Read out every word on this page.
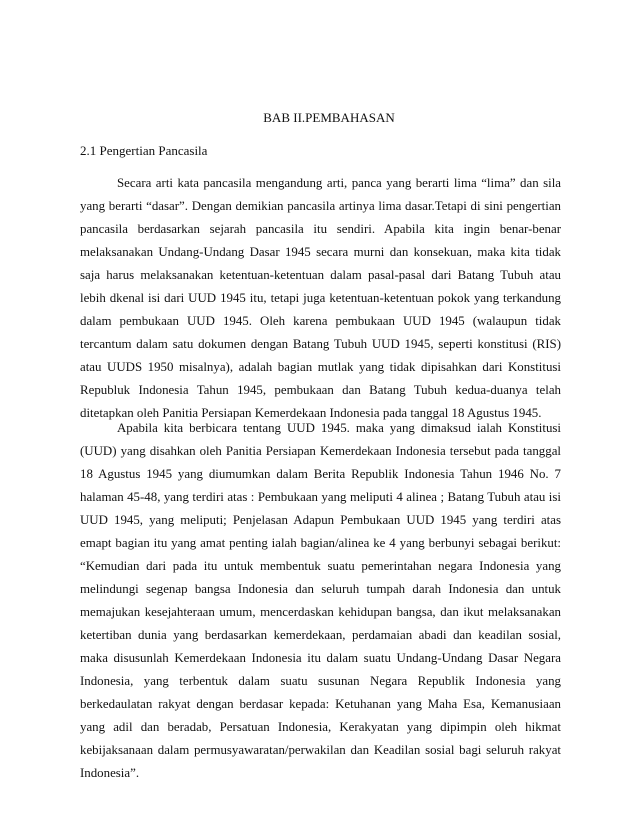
BAB II.PEMBAHASAN
2.1 Pengertian Pancasila

Secara arti kata pancasila mengandung arti, panca yang berarti lima “lima” dan sila yang berarti “dasar”. Dengan demikian pancasila artinya lima dasar.Tetapi di sini pengertian pancasila berdasarkan sejarah pancasila itu sendiri. Apabila kita ingin benar-benar melaksanakan Undang-Undang Dasar 1945 secara murni dan konsekuan, maka kita tidak saja harus melaksanakan ketentuan-ketentuan dalam pasal-pasal dari Batang Tubuh atau lebih dkenal isi dari UUD 1945 itu, tetapi juga ketentuan-ketentuan pokok yang terkandung dalam pembukaan UUD 1945. Oleh karena pembukaan UUD 1945 (walaupun tidak tercantum dalam satu dokumen dengan Batang Tubuh UUD 1945, seperti konstitusi (RIS) atau UUDS 1950 misalnya), adalah bagian mutlak yang tidak dipisahkan dari Konstitusi Republuk Indonesia Tahun 1945, pembukaan dan Batang Tubuh kedua-duanya telah ditetapkan oleh Panitia Persiapan Kemerdekaan Indonesia pada tanggal 18 Agustus 1945.

Apabila kita berbicara tentang UUD 1945. maka yang dimaksud ialah Konstitusi (UUD) yang disahkan oleh Panitia Persiapan Kemerdekaan Indonesia tersebut pada tanggal 18 Agustus 1945 yang diumumkan dalam Berita Republik Indonesia Tahun 1946 No. 7 halaman 45-48, yang terdiri atas : Pembukaan yang meliputi 4 alinea ; Batang Tubuh atau isi UUD 1945, yang meliputi; Penjelasan Adapun Pembukaan UUD 1945 yang terdiri atas emapt bagian itu yang amat penting ialah bagian/alinea ke 4 yang berbunyi sebagai berikut: “Kemudian dari pada itu untuk membentuk suatu pemerintahan negara Indonesia yang melindungi segenap bangsa Indonesia dan seluruh tumpah darah Indonesia dan untuk memajukan kesejahteraan umum, mencerdaskan kehidupan bangsa, dan ikut melaksanakan ketertiban dunia yang berdasarkan kemerdekaan, perdamaian abadi dan keadilan sosial, maka disusunlah Kemerdekaan Indonesia itu dalam suatu Undang-Undang Dasar Negara Indonesia, yang terbentuk dalam suatu susunan Negara Republik Indonesia yang berkedaulatan rakyat dengan berdasar kepada: Ketuhanan yang Maha Esa, Kemanusiaan yang adil dan beradab, Persatuan Indonesia, Kerakyatan yang dipimpin oleh hikmat kebijaksanaan dalam permusyawaratan/perwakilan dan Keadilan sosial bagi seluruh rakyat Indonesia”.
